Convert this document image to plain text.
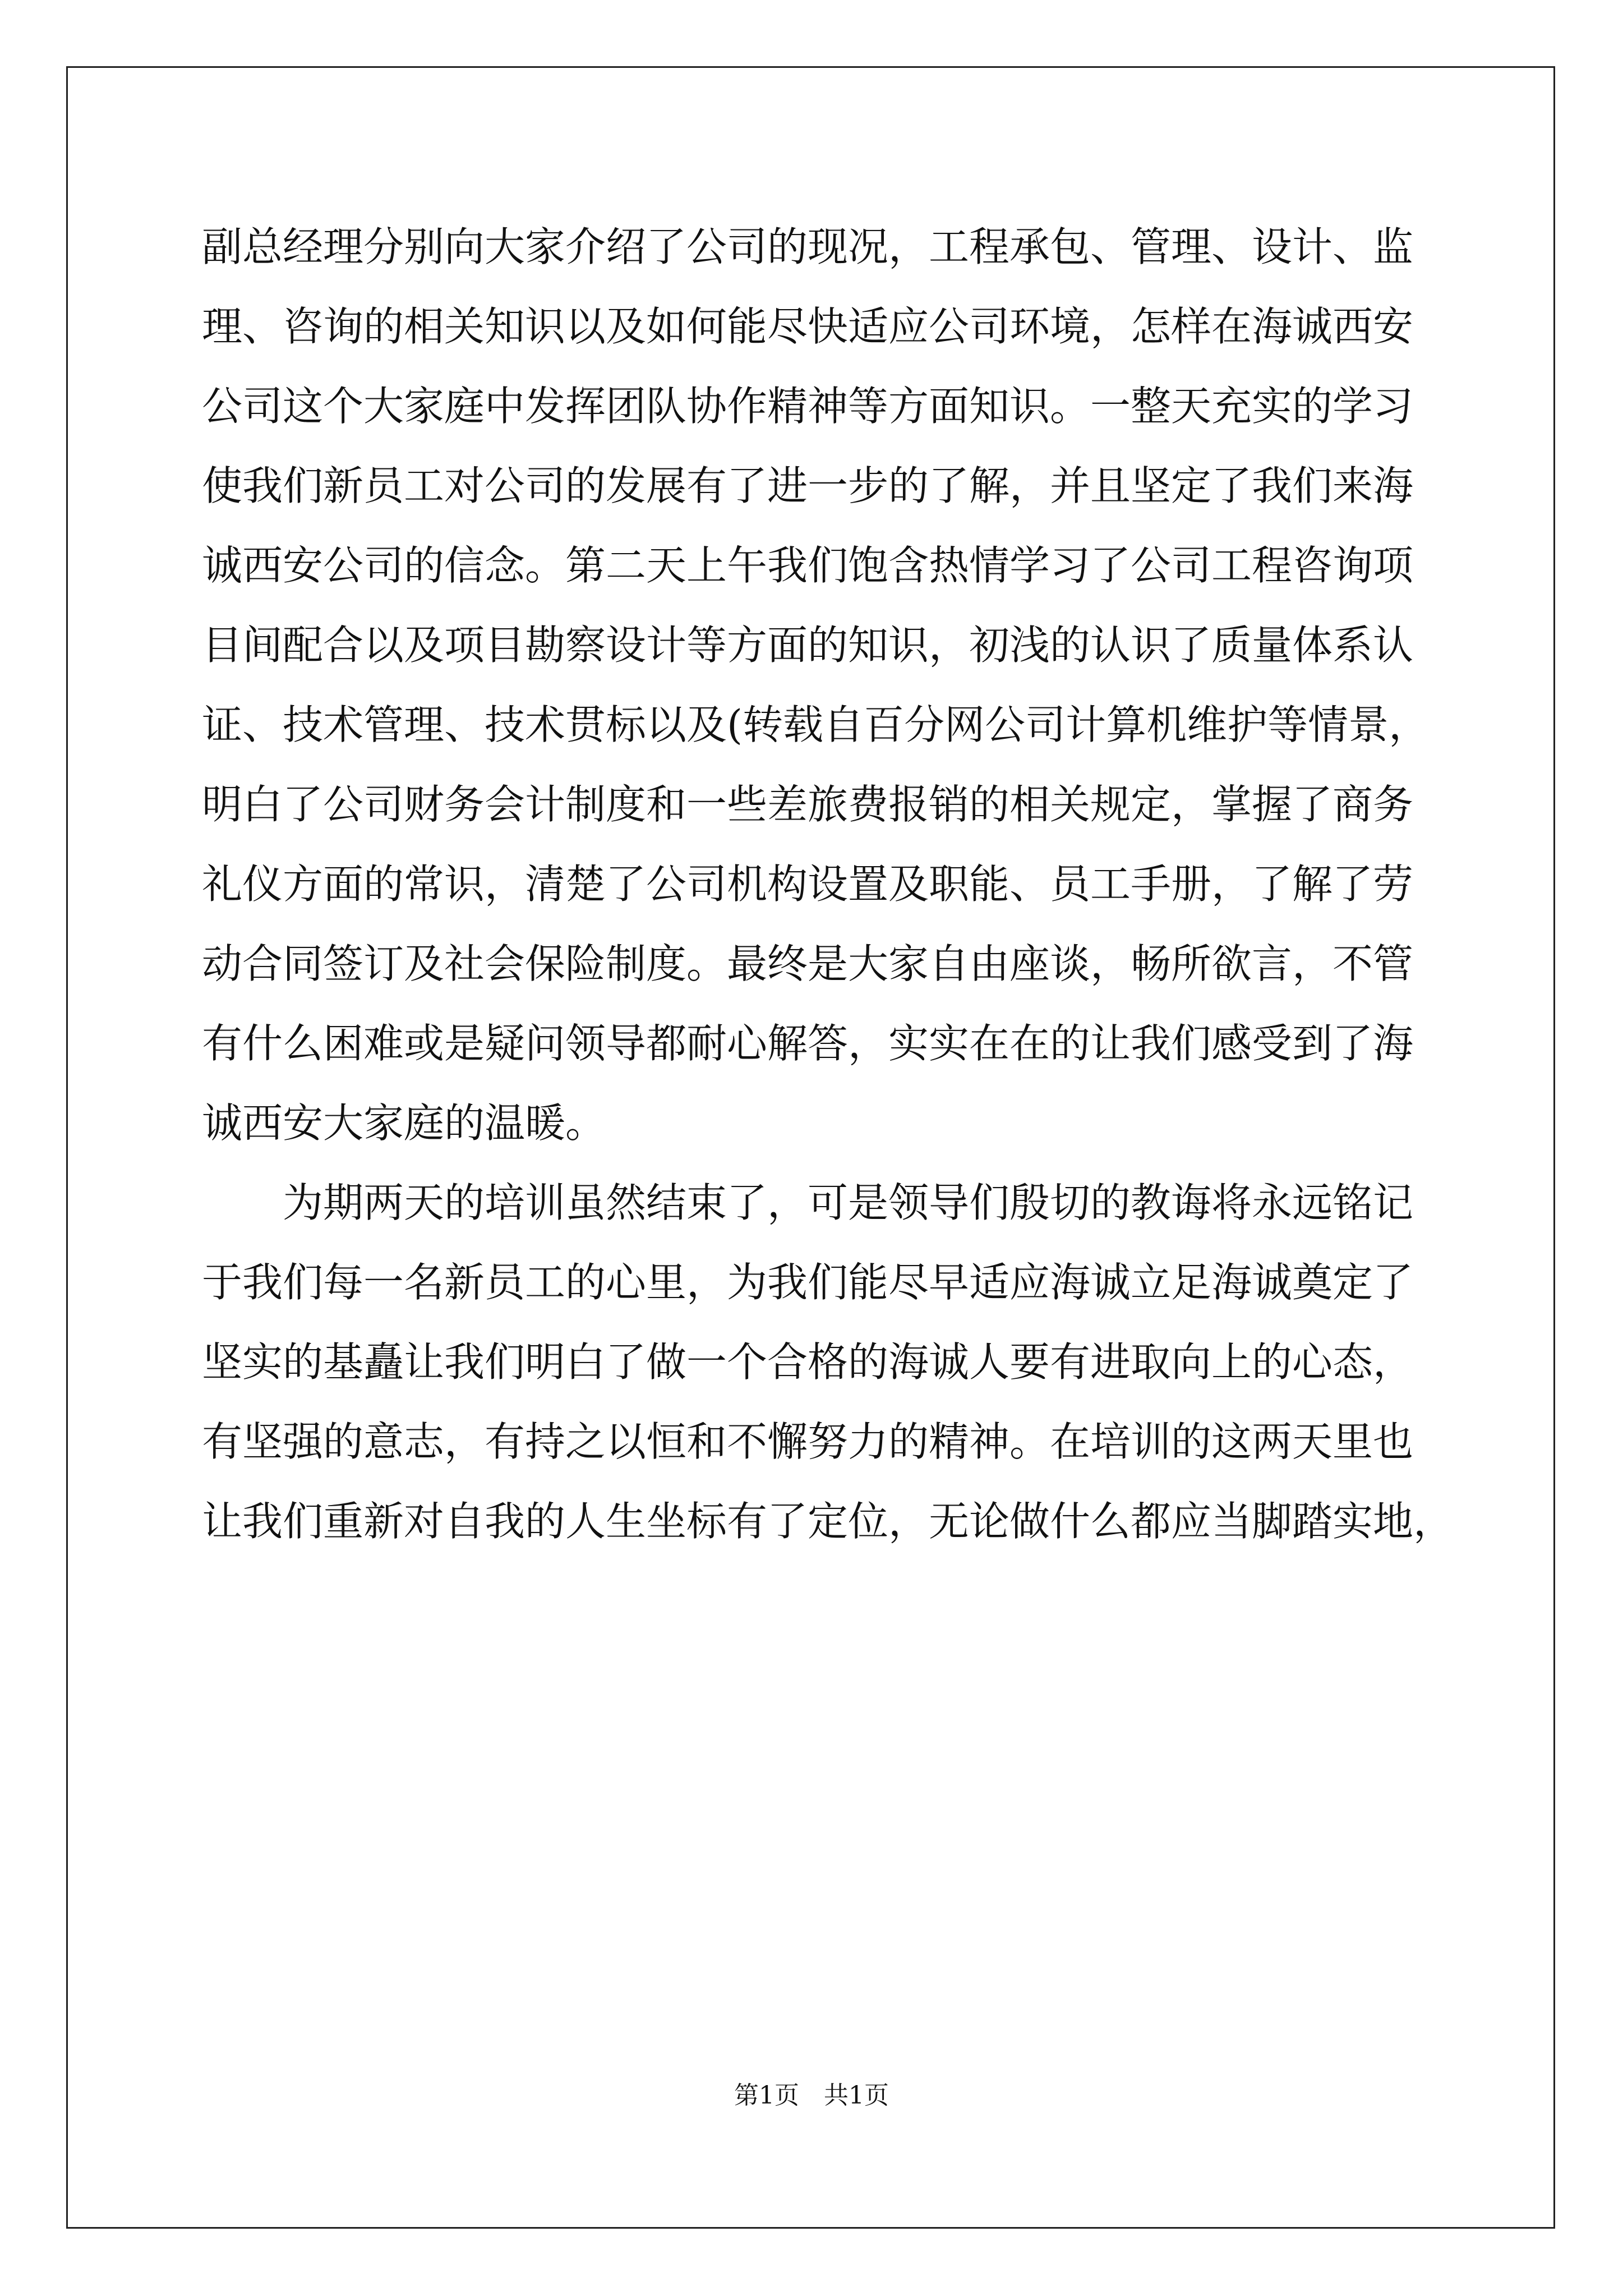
副总经理分别向大家介绍了公司的现况，工程承包、管理、设计、监
理、咨询的相关知识以及如何能尽快适应公司环境，怎样在海诚西安
公司这个大家庭中发挥团队协作精神等方面知识。一整天充实的学习
使我们新员工对公司的发展有了进一步的了解，并且坚定了我们来海
诚西安公司的信念。第二天上午我们饱含热情学习了公司工程咨询项
目间配合以及项目勘察设计等方面的知识，初浅的认识了质量体系认
证、技术管理、技术贯标以及(转载自百分网公司计算机维护等情景，
明白了公司财务会计制度和一些差旅费报销的相关规定，掌握了商务
礼仪方面的常识，清楚了公司机构设置及职能、员工手册，了解了劳
动合同签订及社会保险制度。最终是大家自由座谈，畅所欲言，不管
有什么困难或是疑问领导都耐心解答，实实在在的让我们感受到了海
诚西安大家庭的温暖。
　　为期两天的培训虽然结束了，可是领导们殷切的教诲将永远铭记
于我们每一名新员工的心里，为我们能尽早适应海诚立足海诚奠定了
坚实的基矗让我们明白了做一个合格的海诚人要有进取向上的心态，
有坚强的意志，有持之以恒和不懈努力的精神。在培训的这两天里也
让我们重新对自我的人生坐标有了定位，无论做什么都应当脚踏实地，
第1页　共1页
